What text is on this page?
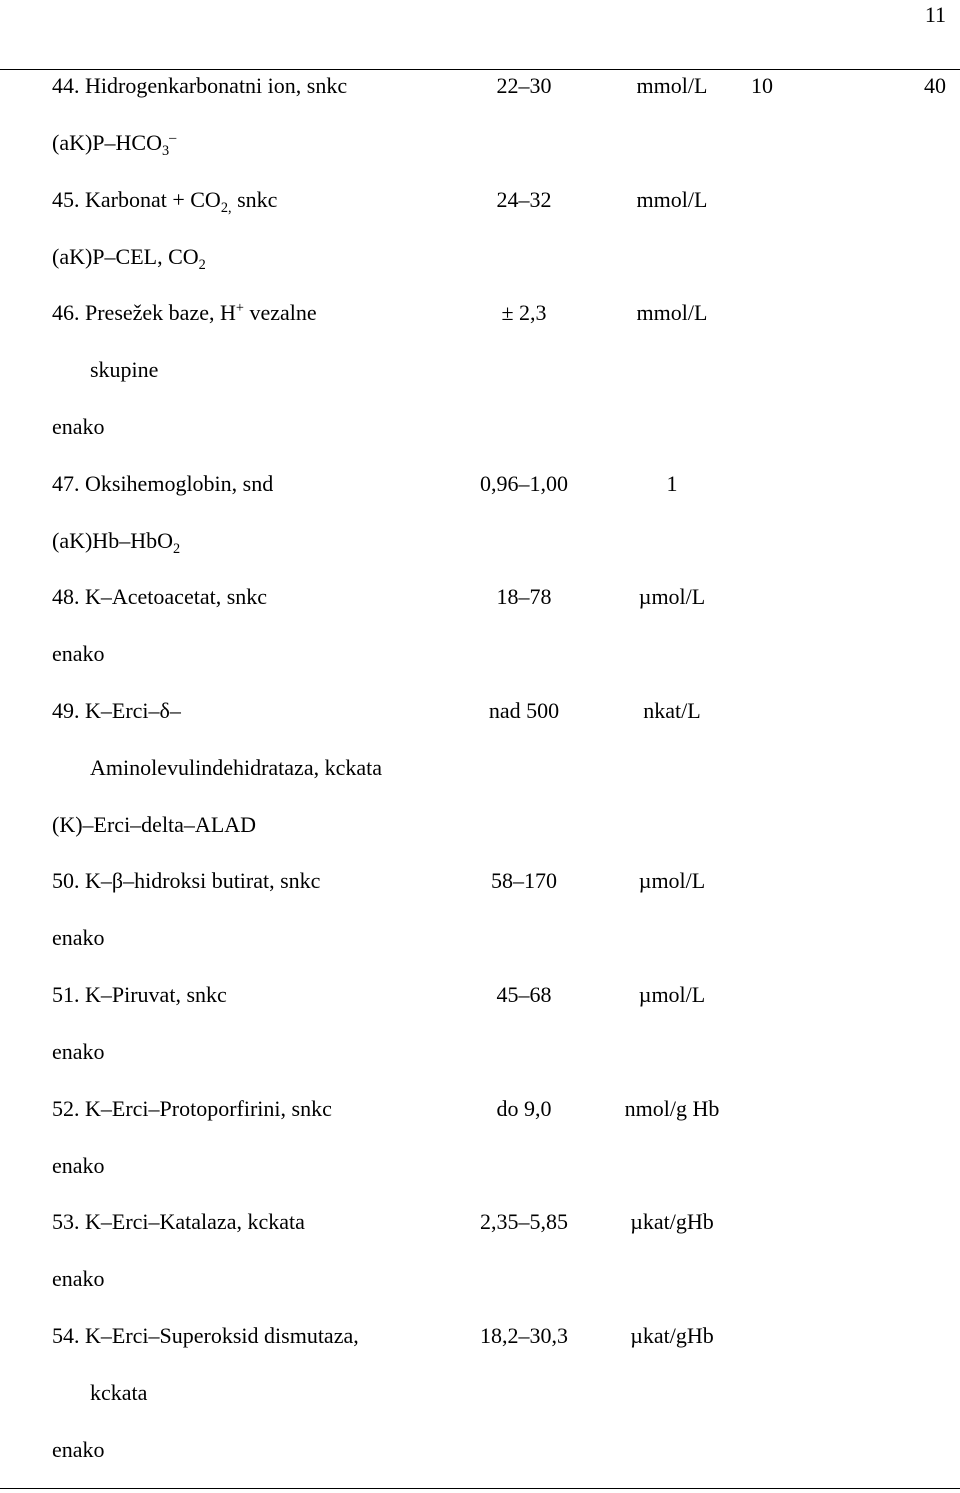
11
44. Hidrogenkarbonatni ion, snkc	22–30	mmol/L 10	40
$(aK)P-HCO_3^-$
45. Karbonat + $CO_{2,}$ snkc	24–32	mmol/L
(aK)P–CEL, $CO_2$
46. Presežek baze, H+ vezalne	± 2,3	mmol/L
skupine
enako
47. Oksihemoglobin, snd	0,96–1,00	1
(aK)Hb–HbO$_2$
48. K–Acetoacetat, snkc	18–78	µmol/L
enako
49. K–Erci–δ–	nad 500	nkat/L
Aminolevulindehidrataza, kckata
(K)–Erci–delta–ALAD
50. K–β–hidroksi butirat, snkc	58–170	µmol/L
enako
51. K–Piruvat, snkc	45–68	µmol/L
enako
52. K–Erci–Protoporfirini, snkc	do 9,0	nmol/g Hb
enako
53. K–Erci–Katalaza, kckata	2,35–5,85	µkat/gHb
enako
54. K–Erci–Superoksid dismutaza,	18,2–30,3	µkat/gHb
kckata
enako
